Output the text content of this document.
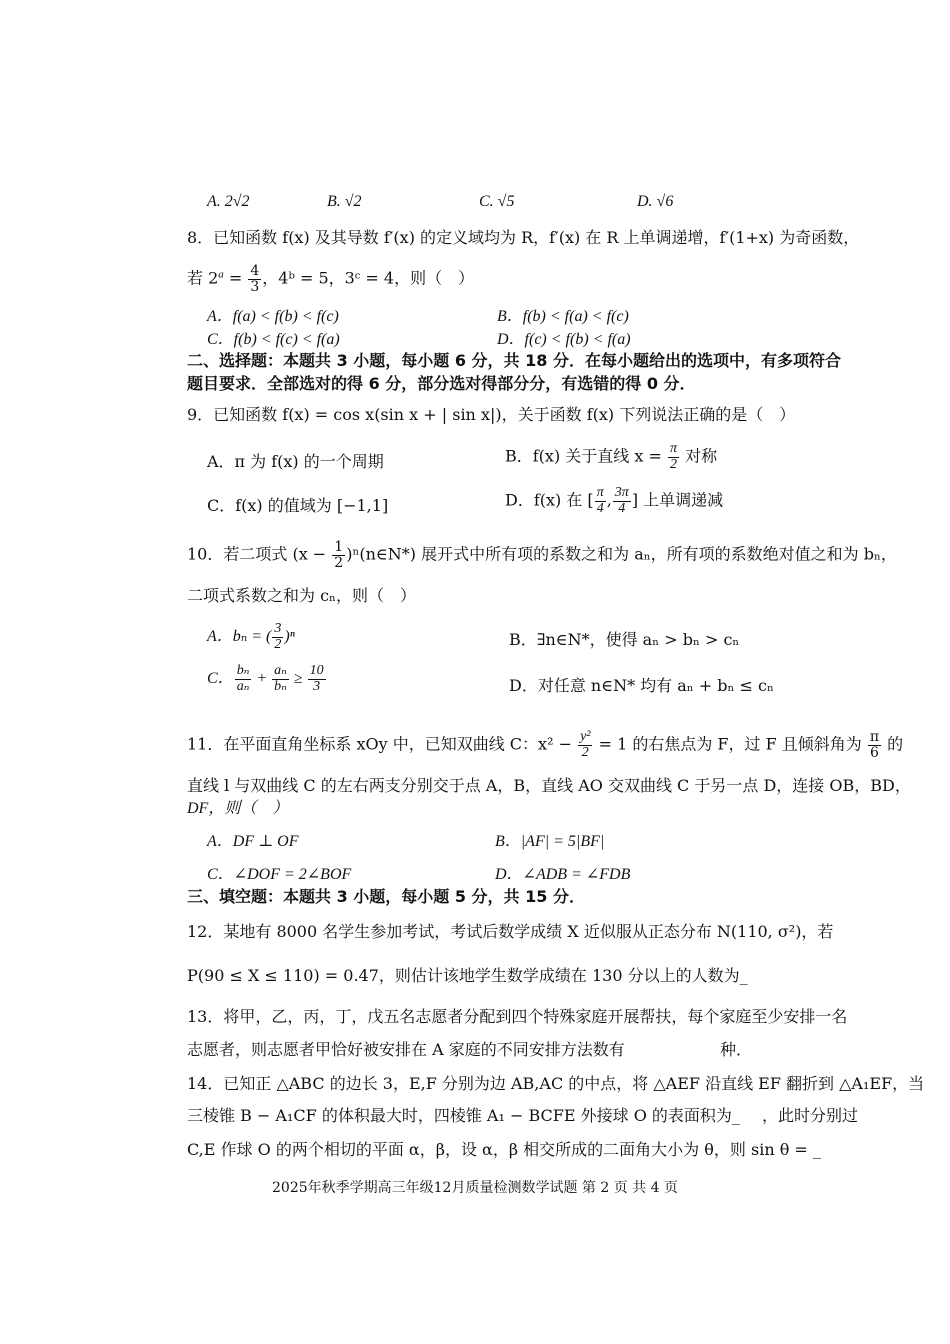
A. 2√2	B. √2	C. √5	D. √6
8．已知函数 f(x) 及其导数 f′(x) 的定义域均为 R，f′(x) 在 R 上单调递增，f′(1+x) 为奇函数，
若 $2^a = \frac{4}{3}$ ，4ᵇ = 5，3ᶜ = 4，则（　）
A．f(a) < f(b) < f(c)	B．f(b) < f(a) < f(c)
C．f(b) < f(c) < f(a)	D．f(c) < f(b) < f(a)
二、选择题：本题共 3 小题，每小题 6 分，共 18 分．在每小题给出的选项中，有多项符合
题目要求．全部选对的得 6 分，部分选对得部分分，有选错的得 0 分．
9．已知函数 f(x) = cos x(sin x + | sin x|)，关于函数 f(x) 下列说法正确的是（　）
A．π 为 f(x) 的一个周期	B．f(x) 关于直线 $x = \frac{\pi}{2}$ 对称
C．f(x) 的值域为 [−1,1]	D．f(x) 在 [ $\frac{\pi}{4}$ , $\frac{3\pi}{4}$ ] 上单调递减
10．若二项式 ($x - \frac{1}{2}$ )ⁿ(n∈N*) 展开式中所有项的系数之和为 aₙ，所有项的系数绝对值之和为 bₙ，
二项式系数之和为 cₙ，则（　）
A．bₙ = ( $\frac{3}{2} )^n$	B．∃n∈N*，使得 aₙ > bₙ > cₙ
C． $\frac{\text{bₙ}}{\text{aₙ}} + \frac{\text{aₙ}}{\text{bₙ}} \ge \frac{10}{3}$	D．对任意 n∈N* 均有 aₙ + bₙ ≤ cₙ
11．在平面直角坐标系 xOy 中，已知双曲线 C：$x^2 - \frac{\text{y²}}{2} = 1$ 的右焦点为 F，过 F 且倾斜角为 $\frac{\pi}{6}$ 的
直线 l 与双曲线 C 的左右两支分别交于点 A，B，直线 AO 交双曲线 C 于另一点 D，连接 OB，BD，
DF，则（　）
A．DF ⊥ OF	B．|AF| = 5|BF|
C．∠DOF = 2∠BOF	D．∠ADB = ∠FDB
三、填空题：本题共 3 小题，每小题 5 分，共 15 分．
12．某地有 8000 名学生参加考试，考试后数学成绩 X 近似服从正态分布 N(110, σ²)，若
P(90 ≤ X ≤ 110) = 0.47，则估计该地学生数学成绩在 130 分以上的人数为_
13．将甲，乙，丙，丁，戊五名志愿者分配到四个特殊家庭开展帮扶，每个家庭至少安排一名
志愿者，则志愿者甲恰好被安排在 A 家庭的不同安排方法数有	种．
14．已知正 △ABC 的边长 3，E,F 分别为边 AB,AC 的中点，将 △AEF 沿直线 EF 翻折到 △A₁EF，当
三棱锥 B − A₁CF 的体积最大时，四棱锥 A₁ − BCFE 外接球 O 的表面积为_ ，此时分别过
C,E 作球 O 的两个相切的平面 α，β，设 α，β 相交所成的二面角大小为 θ，则 sin θ = _
2025年秋季学期高三年级12月质量检测数学试题 第 2 页 共 4 页
